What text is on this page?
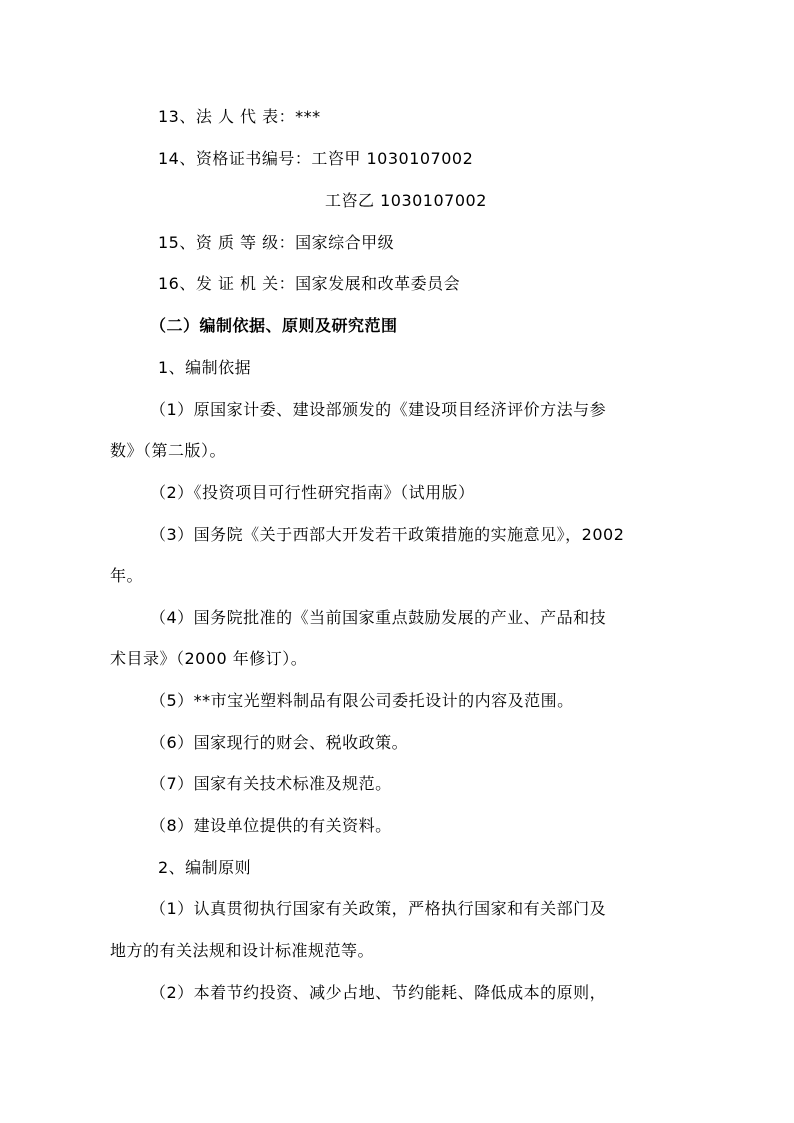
13、法 人 代 表：***
14、资格证书编号：工咨甲 1030107002
工咨乙 1030107002
15、资 质 等 级：国家综合甲级
16、发 证 机 关：国家发展和改革委员会
（二）编制依据、原则及研究范围
1、编制依据
（1）原国家计委、建设部颁发的《建设项目经济评价方法与参
数》（第二版）。
（2）《投资项目可行性研究指南》（试用版）
（3）国务院《关于西部大开发若干政策措施的实施意见》，2002
年。
（4）国务院批准的《当前国家重点鼓励发展的产业、产品和技
术目录》（2000 年修订）。
（5）**市宝光塑料制品有限公司委托设计的内容及范围。
（6）国家现行的财会、税收政策。
（7）国家有关技术标准及规范。
（8）建设单位提供的有关资料。
2、编制原则
（1）认真贯彻执行国家有关政策，严格执行国家和有关部门及
地方的有关法规和设计标准规范等。
（2）本着节约投资、减少占地、节约能耗、降低成本的原则，
